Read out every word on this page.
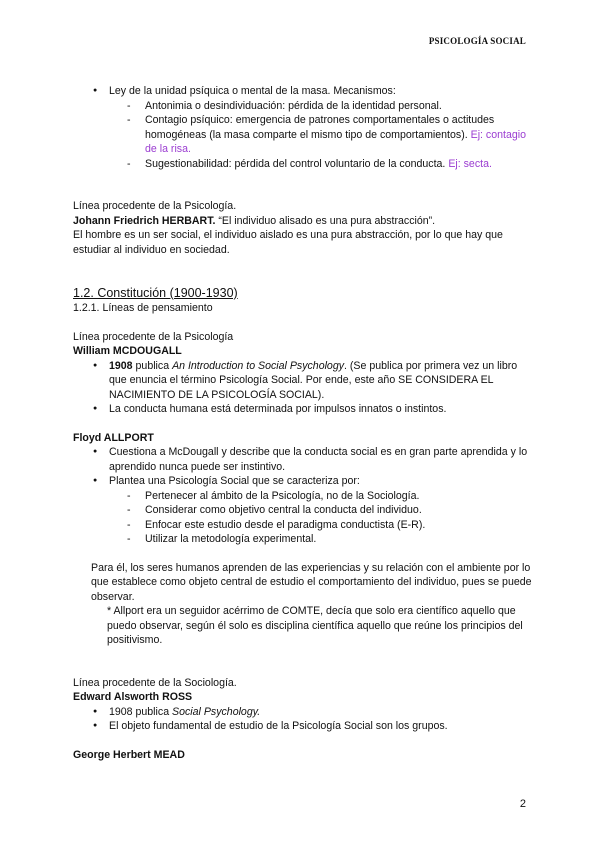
PSICOLOGÍA SOCIAL
● Ley de la unidad psíquica o mental de la masa. Mecanismos:
- Antonimia o desindividuación: pérdida de la identidad personal.
- Contagio psíquico: emergencia de patrones comportamentales o actitudes homogéneas (la masa comparte el mismo tipo de comportamientos). Ej: contagio de la risa.
- Sugestionabilidad: pérdida del control voluntario de la conducta. Ej: secta.

Línea procedente de la Psicología.

Johann Friedrich HERBART. “El individuo alisado es una pura abstracción”.

El hombre es un ser social, el individuo aislado es una pura abstracción, por lo que hay que estudiar al individuo en sociedad.

1.2. Constitución (1900-1930)

1.2.1. Líneas de pensamiento

Línea procedente de la Psicología

William MCDOUGALL

● 1908 publica An Introduction to Social Psychology. (Se publica por primera vez un libro que enuncia el término Psicología Social. Por ende, este año SE CONSIDERA EL NACIMIENTO DE LA PSICOLOGÍA SOCIAL).
● La conducta humana está determinada por impulsos innatos o instintos.

Floyd ALLPORT

● Cuestiona a McDougall y describe que la conducta social es en gran parte aprendida y lo aprendido nunca puede ser instintivo.
● Plantea una Psicología Social que se caracteriza por:
- Pertenecer al ámbito de la Psicología, no de la Sociología.
- Considerar como objetivo central la conducta del individuo.
- Enfocar este estudio desde el paradigma conductista (E-R).
- Utilizar la metodología experimental.

Para él, los seres humanos aprenden de las experiencias y su relación con el ambiente por lo que establece como objeto central de estudio el comportamiento del individuo, pues se puede observar.

* Allport era un seguidor acérrimo de COMTE, decía que solo era científico aquello que puedo observar, según él solo es disciplina científica aquello que reúne los principios del positivismo.

Línea procedente de la Sociología.

Edward Alsworth ROSS

● 1908 publica Social Psychology.
● El objeto fundamental de estudio de la Psicología Social son los grupos.

George Herbert MEAD

2
